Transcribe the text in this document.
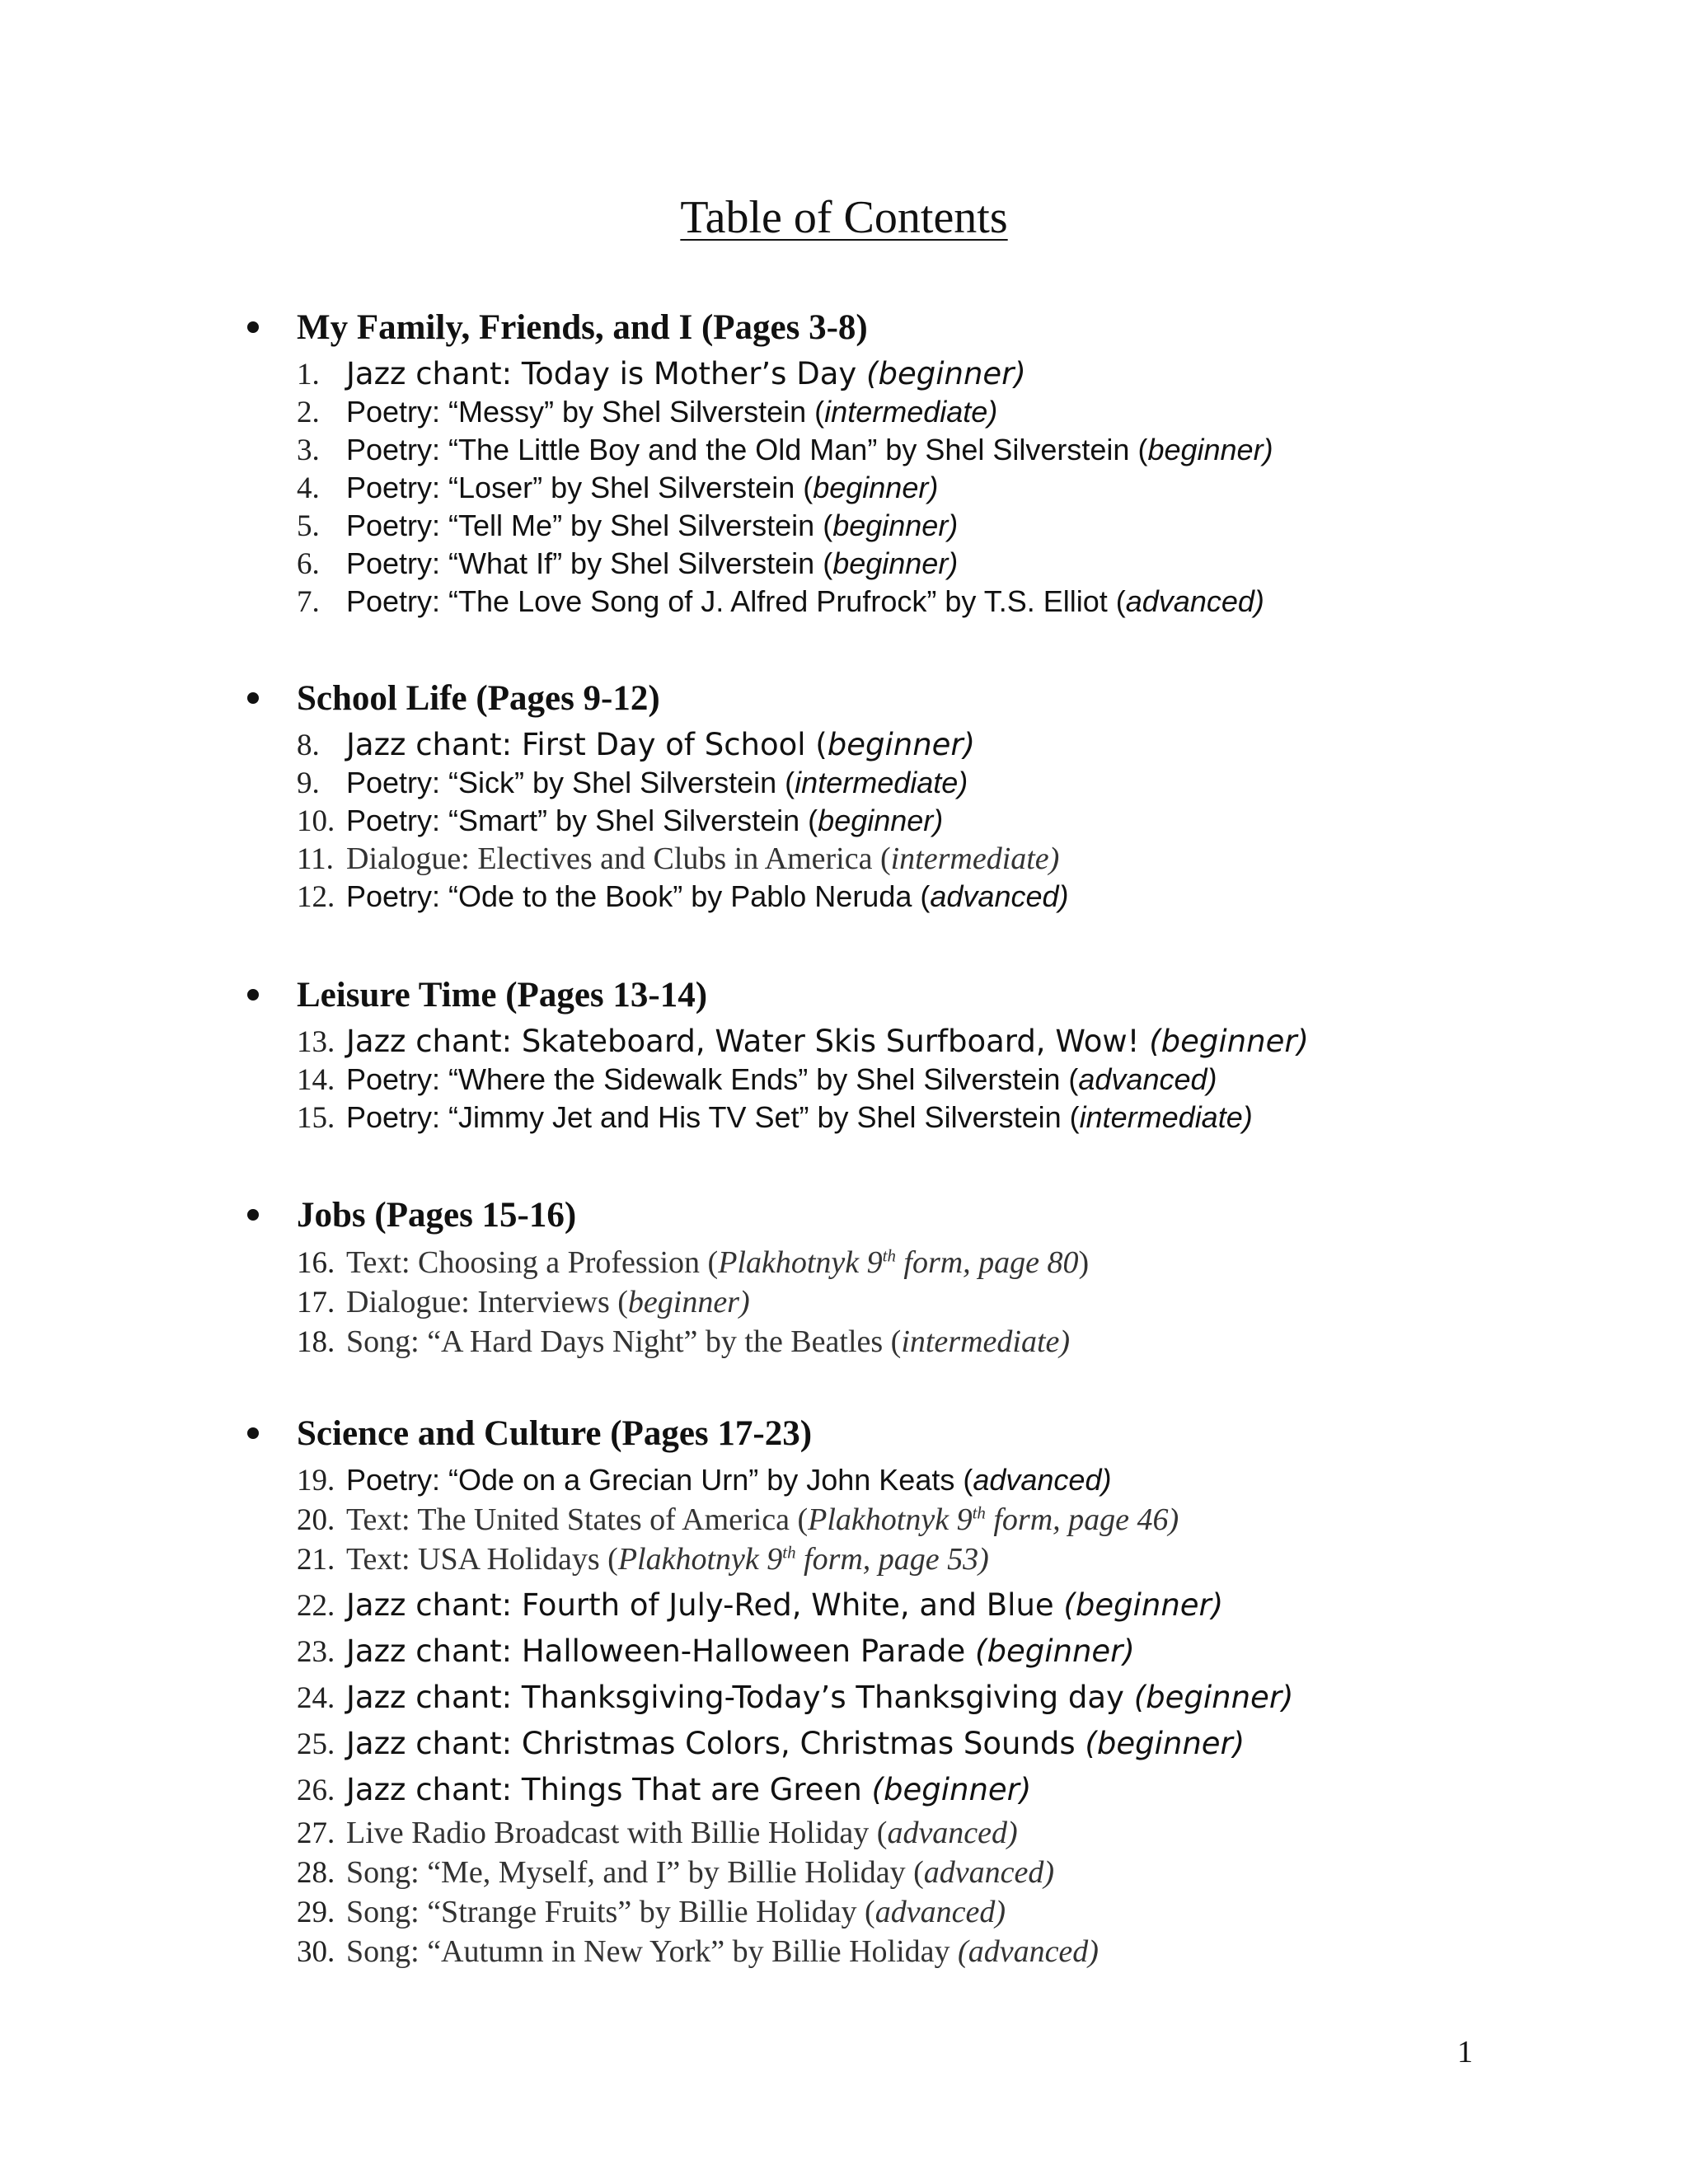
Table of Contents
My Family, Friends, and I (Pages 3-8)
1. Jazz chant: Today is Mother’s Day (beginner)
2. Poetry: “Messy” by Shel Silverstein (intermediate)
3. Poetry: “The Little Boy and the Old Man” by Shel Silverstein (beginner)
4. Poetry: “Loser” by Shel Silverstein (beginner)
5. Poetry: “Tell Me” by Shel Silverstein (beginner)
6. Poetry: “What If” by Shel Silverstein (beginner)
7. Poetry: “The Love Song of J. Alfred Prufrock” by T.S. Elliot (advanced)
School Life (Pages 9-12)
8. Jazz chant: First Day of School (beginner)
9. Poetry: “Sick” by Shel Silverstein (intermediate)
10. Poetry: “Smart” by Shel Silverstein (beginner)
11. Dialogue: Electives and Clubs in America (intermediate)
12. Poetry: “Ode to the Book” by Pablo Neruda (advanced)
Leisure Time (Pages 13-14)
13. Jazz chant: Skateboard, Water Skis Surfboard, Wow! (beginner)
14. Poetry: “Where the Sidewalk Ends” by Shel Silverstein (advanced)
15. Poetry: “Jimmy Jet and His TV Set” by Shel Silverstein (intermediate)
Jobs (Pages 15-16)
16. Text: Choosing a Profession (Plakhotnyk 9th form, page 80)
17. Dialogue: Interviews (beginner)
18. Song: “A Hard Days Night” by the Beatles (intermediate)
Science and Culture (Pages 17-23)
19. Poetry: “Ode on a Grecian Urn” by John Keats (advanced)
20. Text: The United States of America (Plakhotnyk 9th form, page 46)
21. Text: USA Holidays (Plakhotnyk 9th form, page 53)
22. Jazz chant: Fourth of July-Red, White, and Blue (beginner)
23. Jazz chant: Halloween-Halloween Parade (beginner)
24. Jazz chant: Thanksgiving-Today’s Thanksgiving day (beginner)
25. Jazz chant: Christmas Colors, Christmas Sounds (beginner)
26. Jazz chant: Things That are Green (beginner)
27. Live Radio Broadcast with Billie Holiday (advanced)
28. Song: “Me, Myself, and I” by Billie Holiday (advanced)
29. Song: “Strange Fruits” by Billie Holiday (advanced)
30. Song: “Autumn in New York” by Billie Holiday (advanced)
1
